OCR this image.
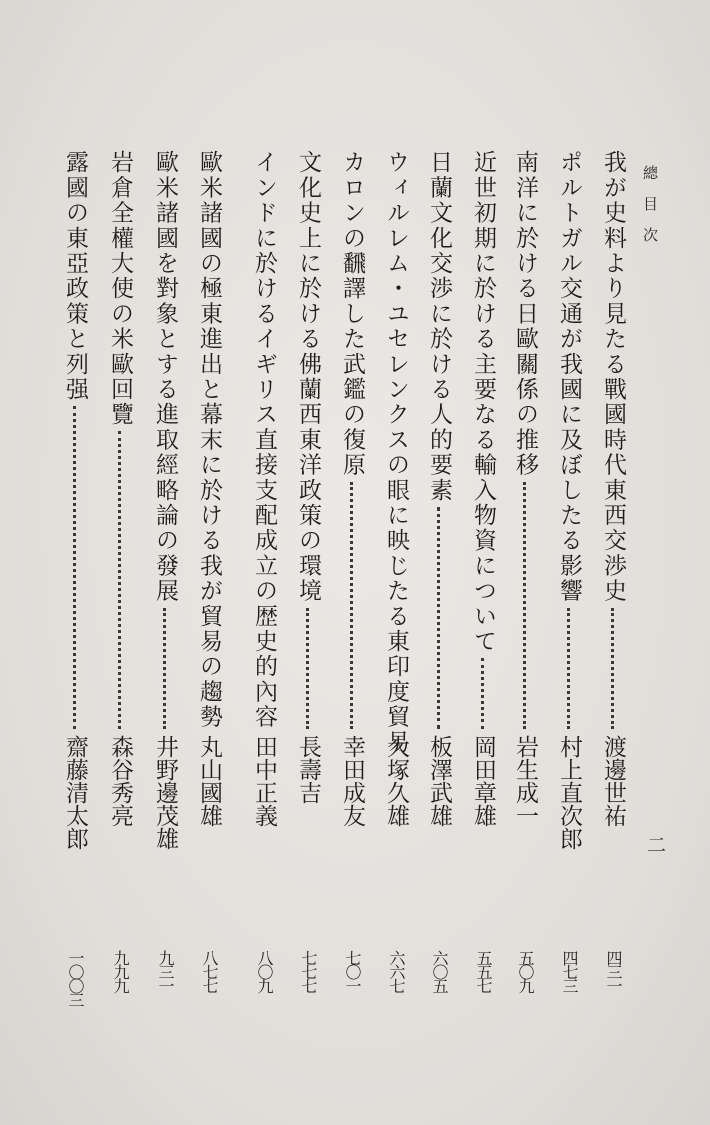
總目次
二
我が史料より見たる戰國時代東西交渉史
渡邊世祐
四三一
ポルトガル交通が我國に及ぼしたる影響
村上直次郎
四七三
南洋に於ける日歐關係の推移
岩生成一
五〇九
近世初期に於ける主要なる輸入物資について
岡田章雄
五五七
日蘭文化交渉に於ける人的要素
板澤武雄
六〇五
ウィルレム・ユセレンクスの眼に映じたる東印度貿易
大塚久雄
六六七
カロンの飜譯した武鑑の復原
幸田成友
七〇一
文化史上に於ける佛蘭西東洋政策の環境
長壽吉
七七七
インドに於けるイギリス直接支配成立の歴史的內容
田中正義
八〇九
歐米諸國の極東進出と幕末に於ける我が貿易の趨勢
丸山國雄
八七七
歐米諸國を對象とする進取經略論の發展
井野邊茂雄
九三一
岩倉全權大使の米歐回覽
森谷秀亮
九九九
露國の東亞政策と列强
齋藤清太郎
一〇〇三
